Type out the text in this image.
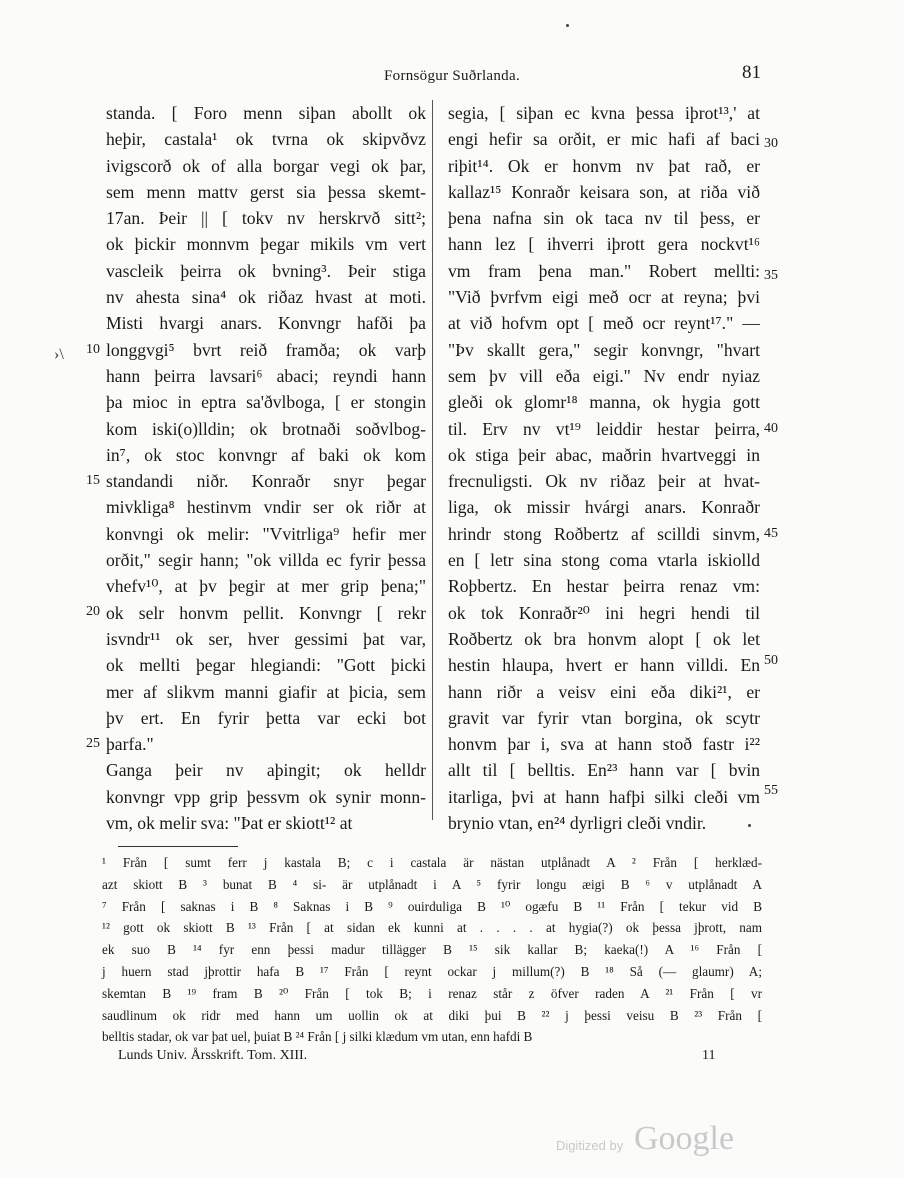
Fornsögur Suðrlanda.	81
standa. [ Foro menn siþan abollt ok
heþir, castala¹ ok tvrna ok skipvðvz
ivigscorð ok of alla borgar vegi ok þar,
sem menn mattv gerst sia þessa skemt-
17an. Þeir || [ tokv nv herskrvð sitt²;
ok þickir monnvm þegar mikils vm vert
vascleik þeirra ok bvning³. Þeir stiga
nv ahesta sina⁴ ok riðaz hvast at moti.
Misti hvargi anars. Konvngr hafði þa
longgvgi⁵ bvrt reið framða; ok varþ
hann þeirra lavsari⁶ abaci; reyndi hann
þa mioc in eptra sa'ðvlboga, [ er stongin
kom iski(o)lldin; ok brotnaði soðvlbog-
in⁷, ok stoc konvngr af baki ok kom
standandi niðr. Konraðr snyr þegar
mivkliga⁸ hestinvm vndir ser ok riðr at
konvngi ok melir: "Vvitrliga⁹ hefir mer
orðit," segir hann; "ok villda ec fyrir þessa
vhefv¹⁰, at þv þegir at mer grip þena;"
ok selr honvm pellit. Konvngr [ rekr
isvndr¹¹ ok ser, hver gessimi þat var,
ok mellti þegar hlegiandi: "Gott þicki
mer af slikvm manni giafir at þicia, sem
þv ert. En fyrir þetta var ecki bot
þarfa."
Ganga þeir nv aþingit; ok helldr
konvngr vpp grip þessvm ok synir monn-
vm, ok melir sva: "Þat er skiott¹² at
segia, [ siþan ec kvna þessa iþrot¹³,' at
engi hefir sa orðit, er mic hafi af baci
riþit¹⁴. Ok er honvm nv þat rað, er
kallaz¹⁵ Konraðr keisara son, at riða við
þena nafna sin ok taca nv til þess, er
hann lez [ ihverri iþrott gera nockvt¹⁶
vm fram þena man." Robert mellti:
"Við þvrfvm eigi með ocr at reyna; þvi
at við hofvm opt [ með ocr reynt¹⁷." —
"Þv skallt gera," segir konvngr, "hvart
sem þv vill eða eigi." Nv endr nyiaz
gleði ok glomr¹⁸ manna, ok hygia gott
til. Erv nv vt¹⁹ leiddir hestar þeirra,
ok stiga þeir abac, maðrin hvartveggi in
frecnuligsti. Ok nv riðaz þeir at hvat-
liga, ok missir hvárgi anars. Konraðr
hrindr stong Roðbertz af scilldi sinvm,
en [ letr sina stong coma vtarla iskiolld
Roþbertz. En hestar þeirra renaz vm:
ok tok Konraðr²⁰ ini hegri hendi til
Roðbertz ok bra honvm alopt [ ok let
hestin hlaupa, hvert er hann villdi. En
hann riðr a veisv eini eða diki²¹, er
gravit var fyrir vtan borgina, ok scytr
honvm þar i, sva at hann stoð fastr i²²
allt til [ belltis. En²³ hann var [ bvin
itarliga, þvi at hann hafþi silki cleði vm
brynio vtan, en²⁴ dyrligri cleði vndir.
10
15
20
25
30
35
40
45
50
55
›\
¹ Från [ sumt ferr j kastala B; c i castala är nästan utplånadt A ² Från [ herklæd-
azt skiott B ³ bunat B ⁴ si- är utplånadt i A ⁵ fyrir longu æigi B ⁶ v utplånadt A
⁷ Från [ saknas i B ⁸ Saknas i B ⁹ ouirduliga B ¹⁰ ogæfu B ¹¹ Från [ tekur vid B
¹² gott ok skiott B ¹³ Från [ at sidan ek kunni at . . . . at hygia(?) ok þessa jþrott, nam
ek suo B ¹⁴ fyr enn þessi madur tillägger B ¹⁵ sik kallar B; kaeka(!) A ¹⁶ Från [
j huern stad jþrottir hafa B ¹⁷ Från [ reynt ockar j millum(?) B ¹⁸ Så (— glaumr) A;
skemtan B ¹⁹ fram B ²⁰ Från [ tok B; i renaz står z öfver raden A ²¹ Från [ vr
saudlinum ok ridr med hann um uollin ok at diki þui B ²² j þessi veisu B ²³ Från [
belltis stadar, ok var þat uel, þuiat B ²⁴ Från [ j silki klædum vm utan, enn hafdi B
Lunds Univ. Årsskrift. Tom. XIII.	11
Digitized by Google
